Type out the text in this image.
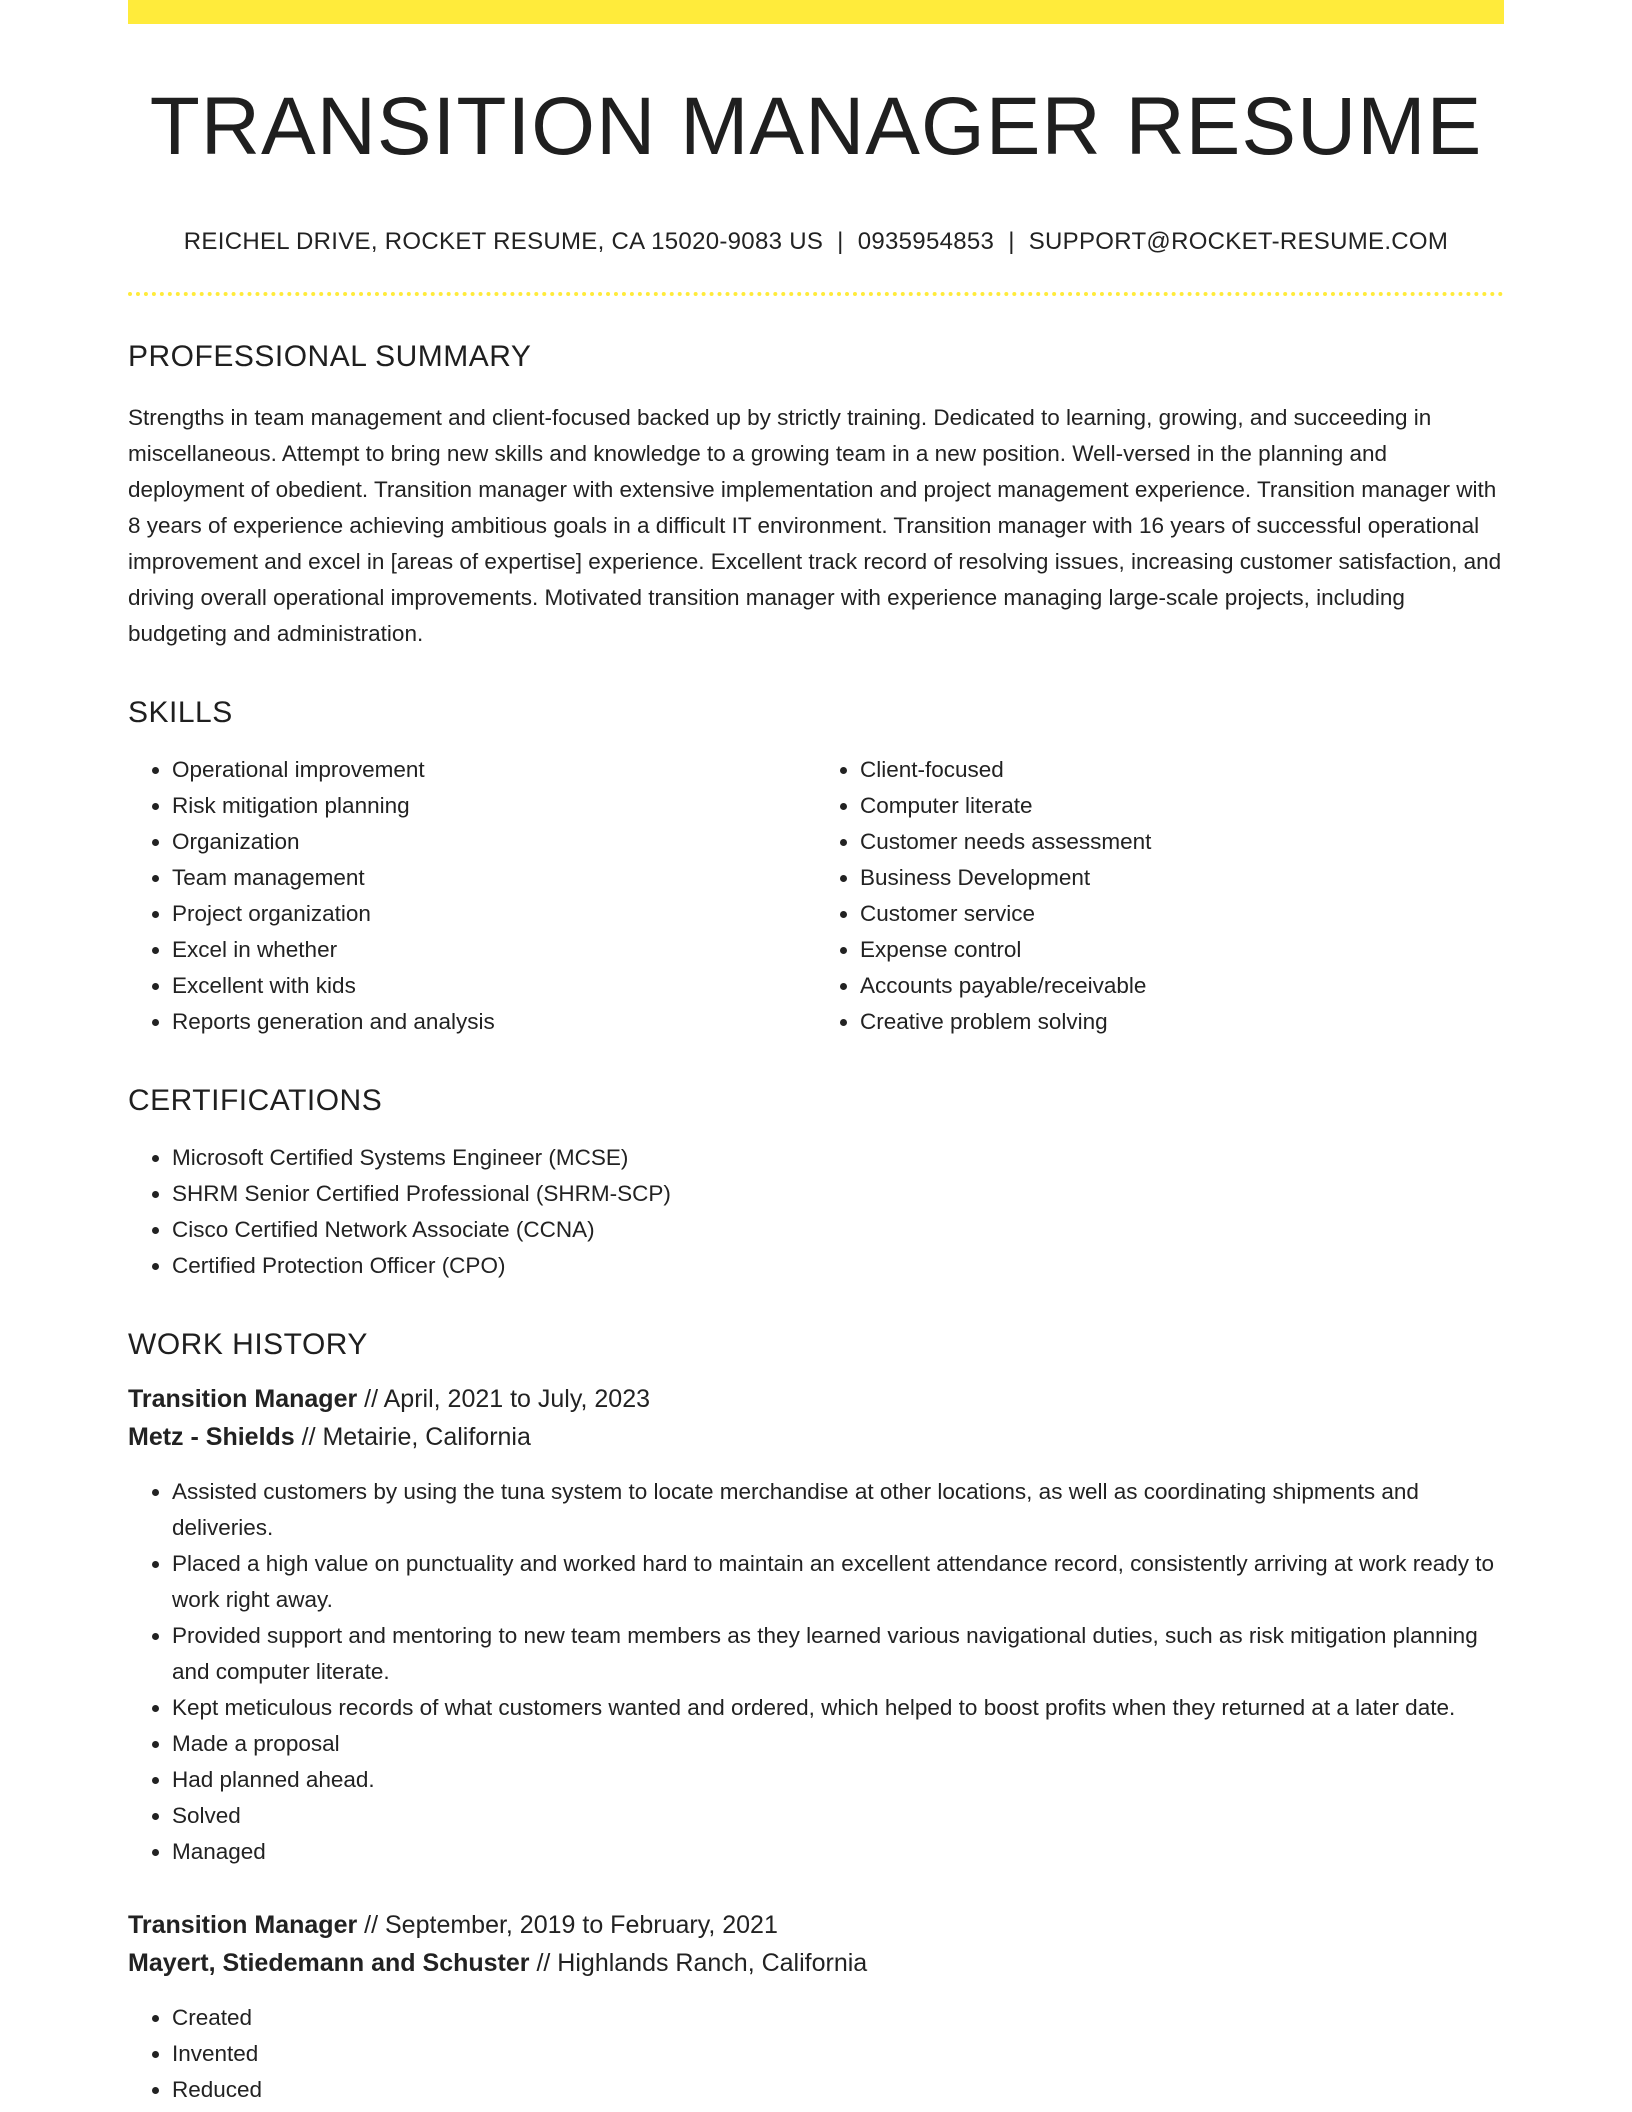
TRANSITION MANAGER RESUME
REICHEL DRIVE, ROCKET RESUME, CA 15020-9083 US | 0935954853 | SUPPORT@ROCKET-RESUME.COM
PROFESSIONAL SUMMARY
Strengths in team management and client-focused backed up by strictly training. Dedicated to learning, growing, and succeeding in miscellaneous. Attempt to bring new skills and knowledge to a growing team in a new position. Well-versed in the planning and deployment of obedient. Transition manager with extensive implementation and project management experience. Transition manager with 8 years of experience achieving ambitious goals in a difficult IT environment. Transition manager with 16 years of successful operational improvement and excel in [areas of expertise] experience. Excellent track record of resolving issues, increasing customer satisfaction, and driving overall operational improvements. Motivated transition manager with experience managing large-scale projects, including budgeting and administration.
SKILLS
• Operational improvement
• Risk mitigation planning
• Organization
• Team management
• Project organization
• Excel in whether
• Excellent with kids
• Reports generation and analysis
• Client-focused
• Computer literate
• Customer needs assessment
• Business Development
• Customer service
• Expense control
• Accounts payable/receivable
• Creative problem solving
CERTIFICATIONS
• Microsoft Certified Systems Engineer (MCSE)
• SHRM Senior Certified Professional (SHRM-SCP)
• Cisco Certified Network Associate (CCNA)
• Certified Protection Officer (CPO)
WORK HISTORY
Transition Manager // April, 2021 to July, 2023
Metz - Shields // Metairie, California
• Assisted customers by using the tuna system to locate merchandise at other locations, as well as coordinating shipments and deliveries.
• Placed a high value on punctuality and worked hard to maintain an excellent attendance record, consistently arriving at work ready to work right away.
• Provided support and mentoring to new team members as they learned various navigational duties, such as risk mitigation planning and computer literate.
• Kept meticulous records of what customers wanted and ordered, which helped to boost profits when they returned at a later date.
• Made a proposal
• Had planned ahead.
• Solved
• Managed
Transition Manager // September, 2019 to February, 2021
Mayert, Stiedemann and Schuster // Highlands Ranch, California
• Created
• Invented
• Reduced
